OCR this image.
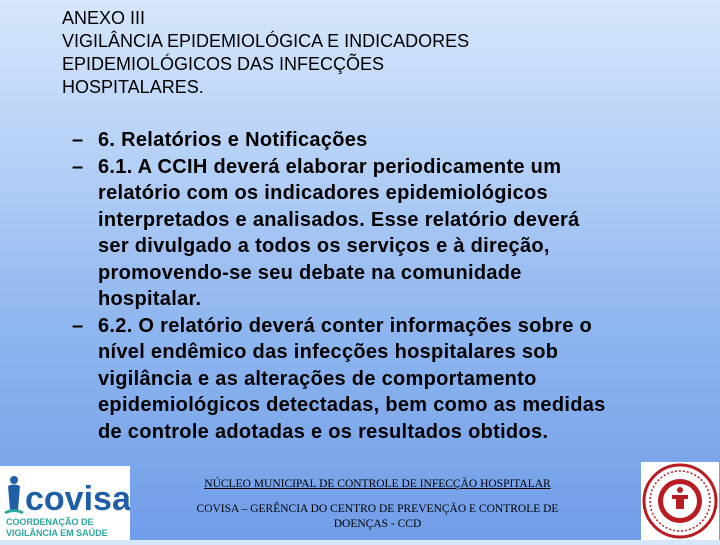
ANEXO III
VIGILÂNCIA EPIDEMIOLÓGICA E INDICADORES
EPIDEMIOLÓGICOS DAS INFECÇÕES
HOSPITALARES.
– 6. Relatórios e Notificações
– 6.1. A CCIH deverá elaborar periodicamente um
relatório com os indicadores epidemiológicos
interpretados e analisados. Esse relatório deverá
ser divulgado a todos os serviços e à direção,
promovendo-se seu debate na comunidade
hospitalar.
– 6.2. O relatório deverá conter informações sobre o
nível endêmico das infecções hospitalares sob
vigilância e as alterações de comportamento
epidemiológicos detectadas, bem como as medidas
de controle adotadas e os resultados obtidos.
covisa
COORDENAÇÃO DE
VIGILÂNCIA EM SAÚDE
NÚCLEO MUNICIPAL DE CONTROLE DE INFECÇÃO HOSPITALAR
COVISA – GERÊNCIA DO CENTRO DE PREVENÇÃO E CONTROLE DE
DOENÇAS - CCD
